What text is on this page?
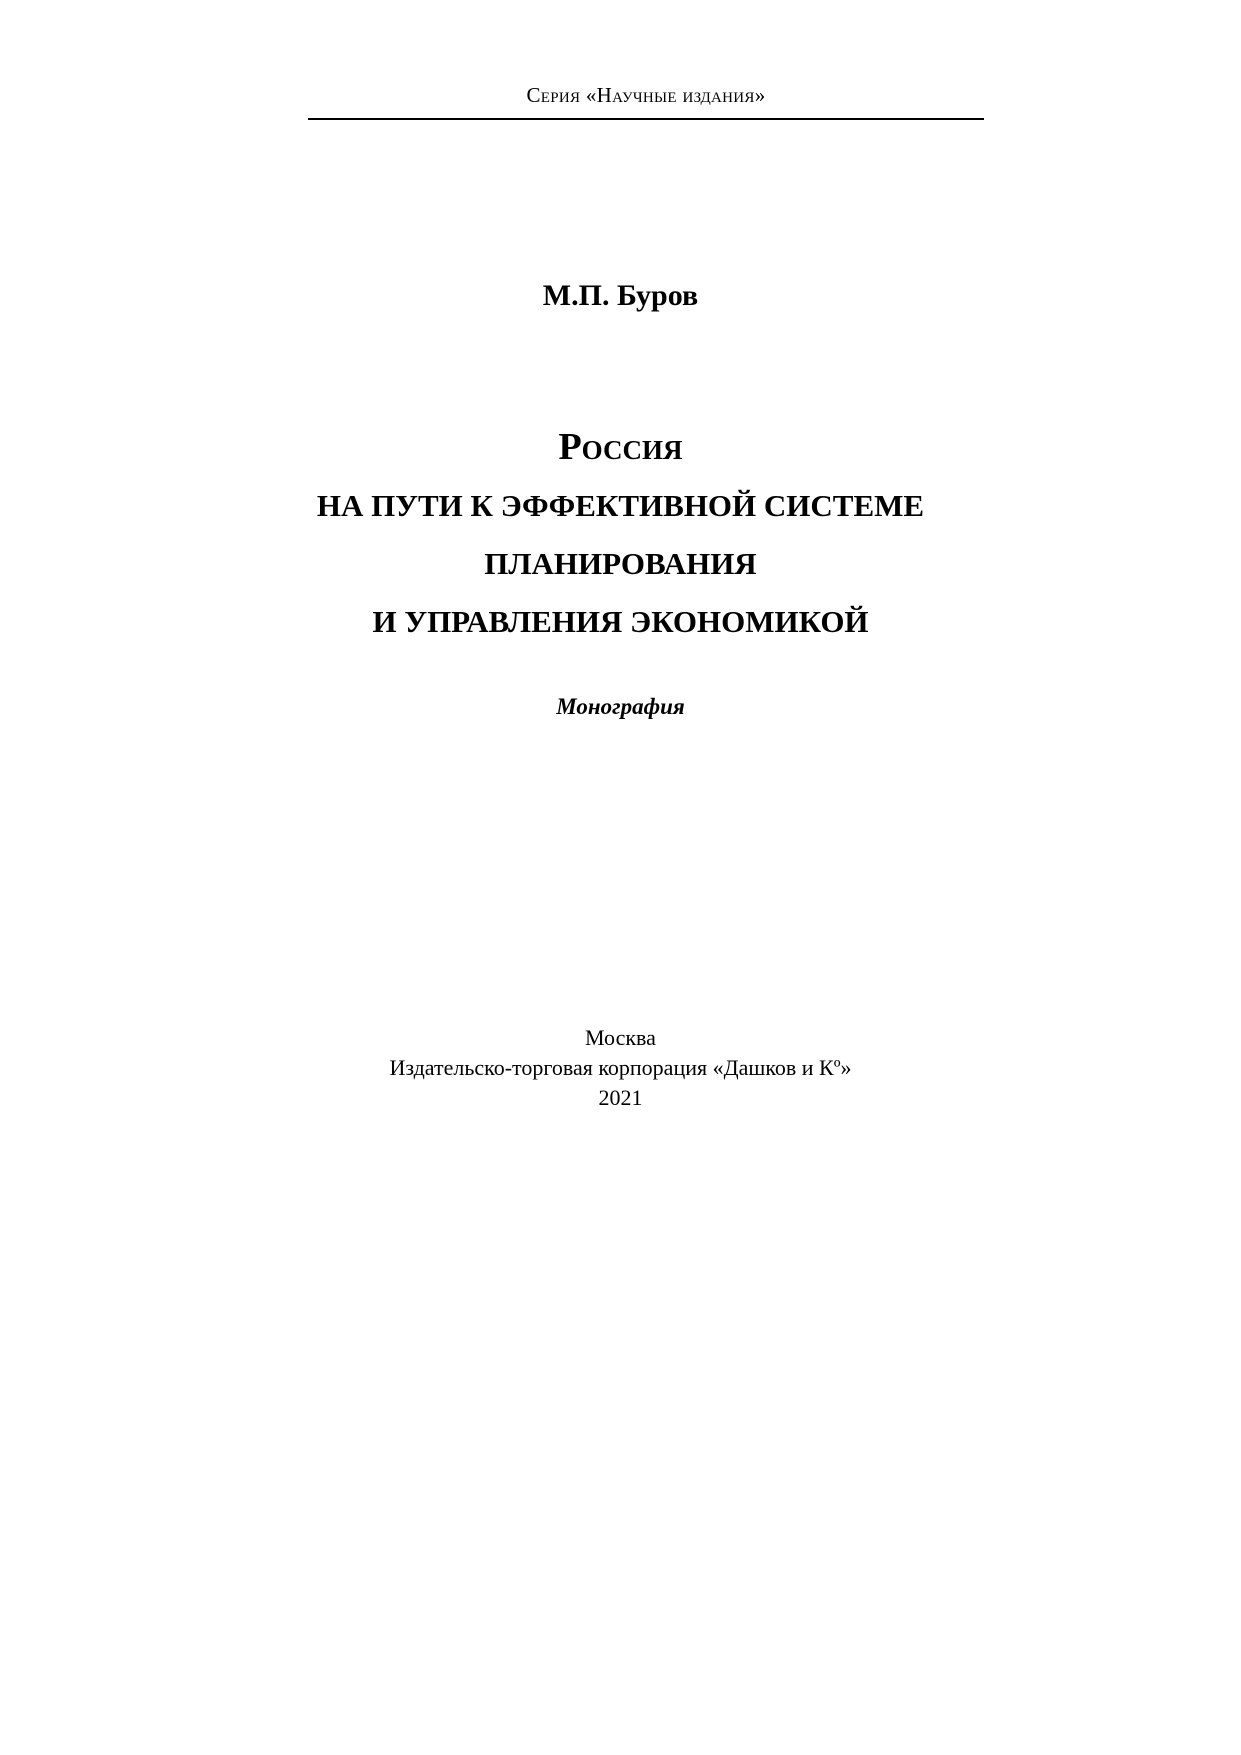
Серия «Научные издания»
М.П. Буров
Россия
НА ПУТИ К ЭФФЕКТИВНОЙ СИСТЕМЕ
ПЛАНИРОВАНИЯ
И УПРАВЛЕНИЯ ЭКОНОМИКОЙ
Монография
Москва
Издательско-торговая корпорация «Дашков и Кº»
2021
